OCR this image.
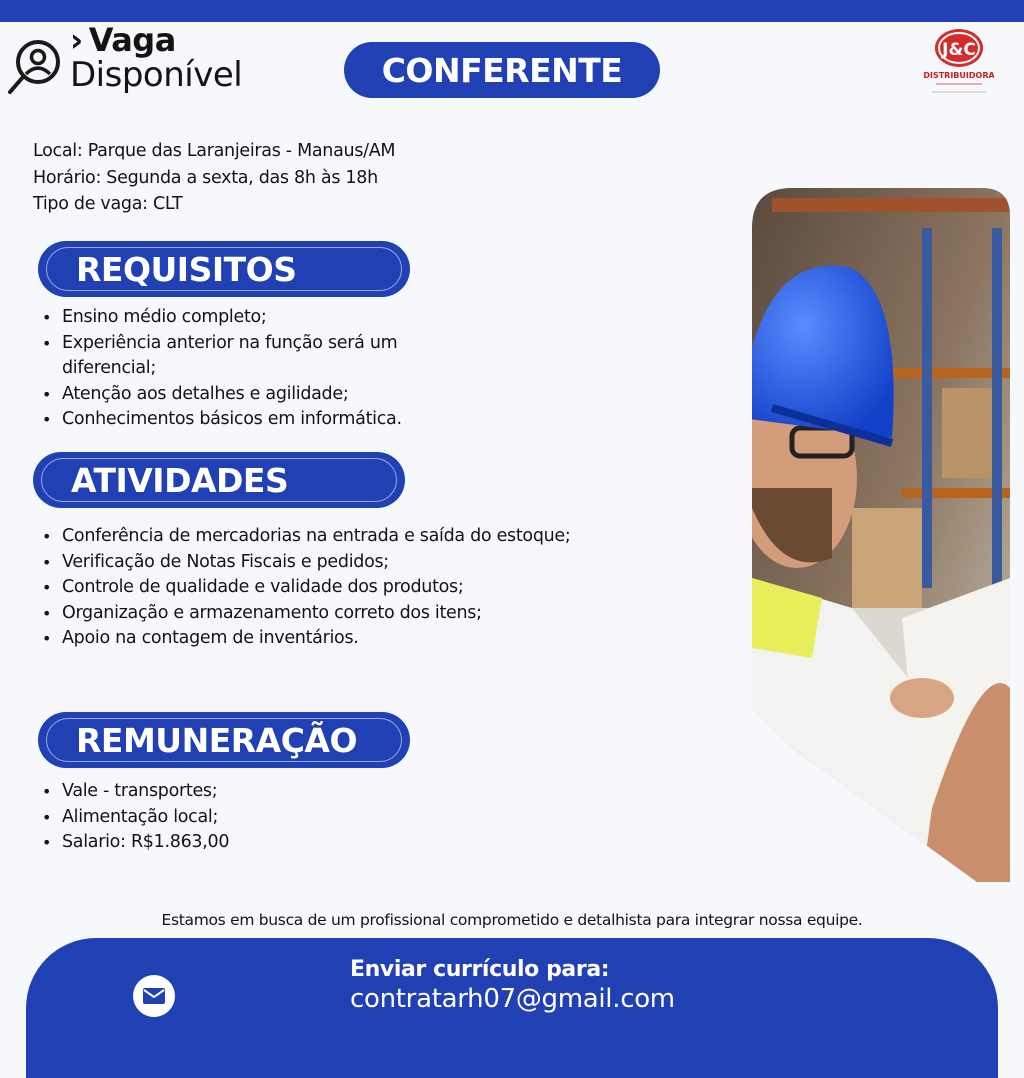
› Vaga
Disponível	CONFERENTE
J&C
DISTRIBUIDORA
Local: Parque das Laranjeiras - Manaus/AM
Horário: Segunda a sexta, das 8h às 18h
Tipo de vaga: CLT
REQUISITOS
• Ensino médio completo;
• Experiência anterior na função será um diferencial;
• Atenção aos detalhes e agilidade;
• Conhecimentos básicos em informática.
ATIVIDADES
• Conferência de mercadorias na entrada e saída do estoque;
• Verificação de Notas Fiscais e pedidos;
• Controle de qualidade e validade dos produtos;
• Organização e armazenamento correto dos itens;
• Apoio na contagem de inventários.
REMUNERAÇÃO
• Vale - transportes;
• Alimentação local;
• Salario: R$1.863,00
Estamos em busca de um profissional comprometido e detalhista para integrar nossa equipe.
Enviar currículo para:
contratarh07@gmail.com
